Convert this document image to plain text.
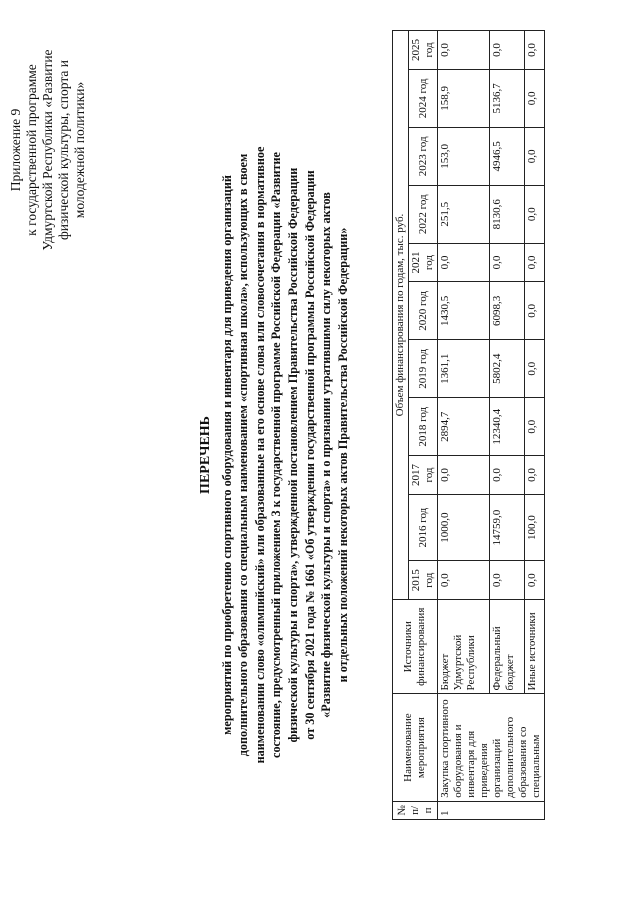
Приложение 9 к государственной программе Удмуртской Республики «Развитие физической культуры, спорта и молодежной политики»
ПЕРЕЧЕНЬ мероприятий по приобретению спортивного оборудования и инвентаря для приведения организаций дополнительного образования со специальным наименованием «спортивная школа», использующих в своем наименовании слово «олимпийский» или образованные на его основе слова или словосочетания в нормативное состояние, предусмотренный приложением 3 к государственной программе Российской Федерации «Развитие физической культуры и спорта», утвержденной постановлением Правительства Российской Федерации от 30 сентября 2021 года № 1661 «Об утверждении государственной программы Российской Федерации «Развитие физической культуры и спорта» и о признании утратившими силу некоторых актов и отдельных положений некоторых актов Правительства Российской Федерации»
№ п/п	Наименование мероприятия	Источники финансирования	Объем финансирования по годам, тыс. руб.										
			2015 год	2016 год	2017 год	2018 год	2019 год	2020 год	2021 год	2022 год	2023 год	2024 год	2025 год
1	Закупка спортивного оборудования и инвентаря для приведения организаций дополнительного образования со специальным	Бюджет Удмуртской Республики	0,0	1000,0	0,0	2894,7	1361,1	1430,5	0,0	251,5	153,0	158,9	0,0
		Федеральный бюджет	0,0	14759,0	0,0	12340,4	5802,4	6098,3	0,0	8130,6	4946,5	5136,7	0,0
		Иные источники	0,0	100,0	0,0	0,0	0,0	0,0	0,0	0,0	0,0	0,0	0,0
